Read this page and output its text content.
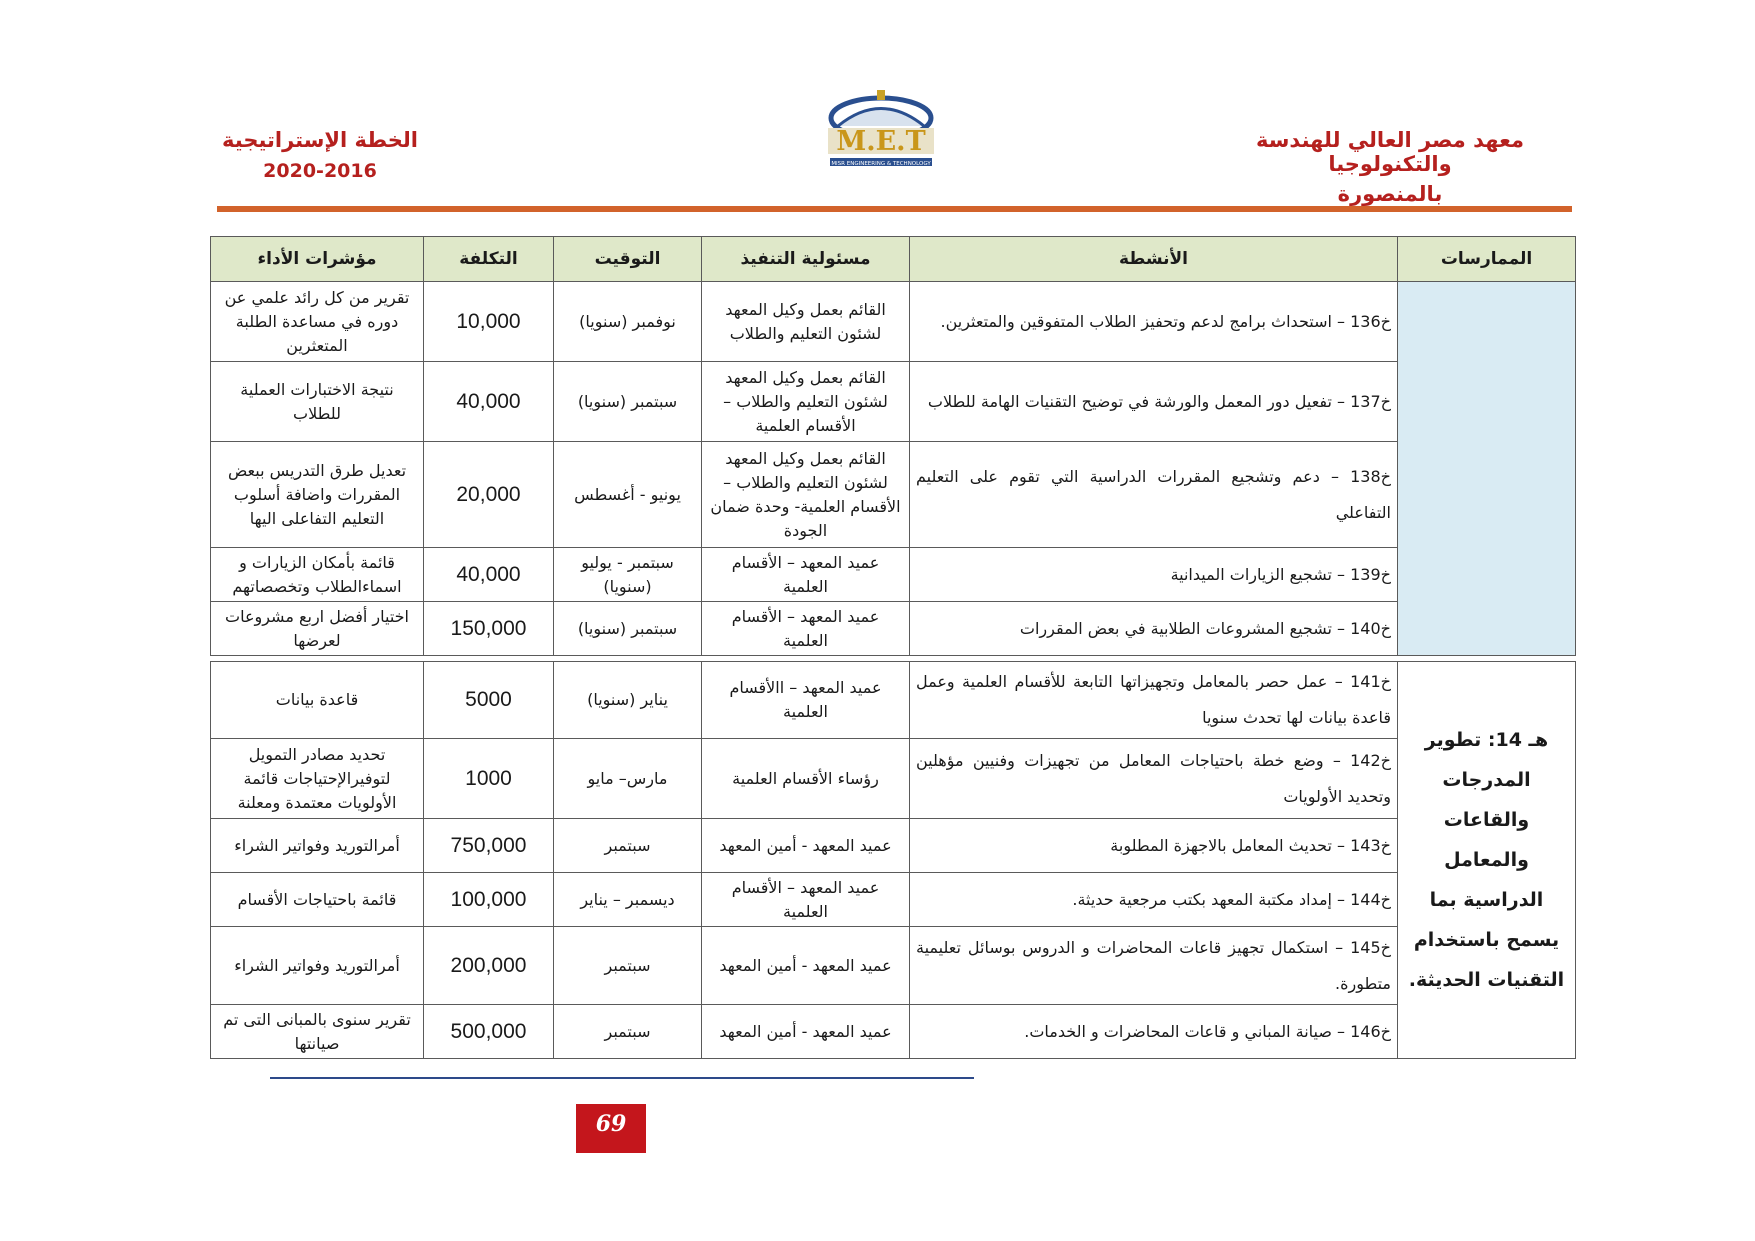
الخطة الإستراتيجية
2020-2016
M.E.T
MISR ENGINEERING & TECHNOLOGY
معهد مصر العالي للهندسة والتكنولوجيا
بالمنصورة
الممارسات	الأنشطة	مسئولية التنفيذ	التوقيت	التكلفة	مؤشرات الأداء
	خ136 – استحداث برامج لدعم وتحفيز الطلاب المتفوقين والمتعثرين.	القائم بعمل وكيل المعهد لشئون التعليم والطلاب	نوفمبر (سنويا)	10,000	تقرير من كل رائد علمي عن دوره في مساعدة الطلبة المتعثرين
	خ137 – تفعيل دور المعمل والورشة في توضيح التقنيات الهامة للطلاب	القائم بعمل وكيل المعهد لشئون التعليم والطلاب – الأقسام العلمية	سبتمبر (سنويا)	40,000	نتيجة الاختبارات العملية للطلاب
	خ138 – دعم وتشجيع المقررات الدراسية التي تقوم على التعليم التفاعلي	القائم بعمل وكيل المعهد لشئون التعليم والطلاب – الأقسام العلمية- وحدة ضمان الجودة	يونيو - أغسطس	20,000	تعديل طرق التدريس ببعض المقررات واضافة أسلوب التعليم التفاعلى اليها
	خ139 – تشجيع الزيارات الميدانية	عميد المعهد – الأقسام العلمية	سبتمبر - يوليو (سنويا)	40,000	قائمة بأمكان الزيارات و اسماءالطلاب وتخصصاتهم
	خ140 – تشجيع المشروعات الطلابية في بعض المقررات	عميد المعهد – الأقسام العلمية	سبتمبر (سنويا)	150,000	اختيار أفضل اربع مشروعات لعرضها
هـ 14: تطوير المدرجات والقاعات والمعامل الدراسية بما يسمح باستخدام التقنيات الحديثة.	خ141 – عمل حصر بالمعامل وتجهيزاتها التابعة للأقسام العلمية وعمل قاعدة بيانات لها تحدث سنويا	عميد المعهد – االأقسام العلمية	يناير (سنويا)	5000	قاعدة بيانات
	خ142 – وضع خطة باحتياجات المعامل من تجهيزات وفنيين مؤهلين وتحديد الأولويات	رؤساء الأقسام العلمية	مارس– مايو	1000	تحديد مصادر التمويل لتوفيرالإحتياجات قائمة الأولويات معتمدة ومعلنة
	خ143 – تحديث المعامل بالاجهزة المطلوبة	عميد المعهد - أمين المعهد	سبتمبر	750,000	أمرالتوريد وفواتير الشراء
	خ144 – إمداد مكتبة المعهد بكتب مرجعية حديثة.	عميد المعهد – الأقسام العلمية	ديسمبر – يناير	100,000	قائمة باحتياجات الأقسام
	خ145 – استكمال تجهيز قاعات المحاضرات و الدروس بوسائل تعليمية متطورة.	عميد المعهد - أمين المعهد	سبتمبر	200,000	أمرالتوريد وفواتير الشراء
	خ146 – صيانة المباني و قاعات المحاضرات و الخدمات.	عميد المعهد - أمين المعهد	سبتمبر	500,000	تقرير سنوى بالمبانى التى تم صيانتها
69
